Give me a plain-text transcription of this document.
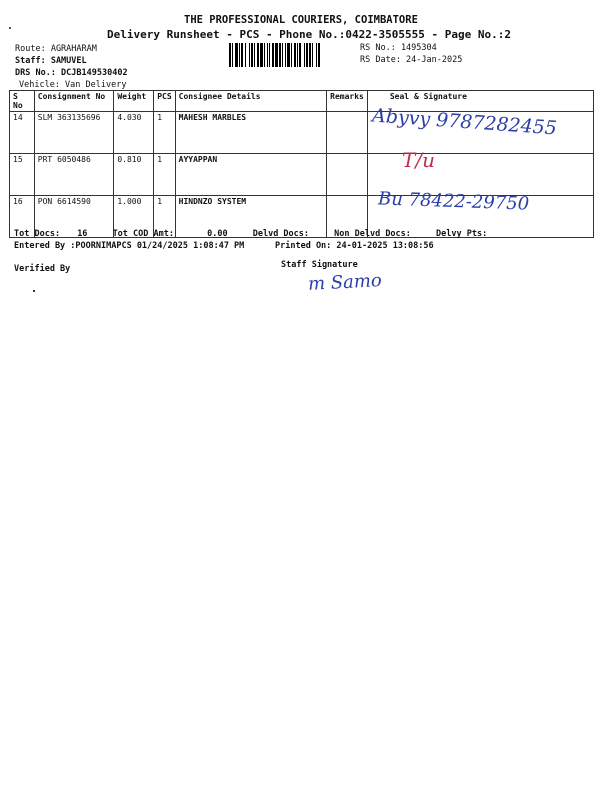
THE PROFESSIONAL COURIERS, COIMBATORE
Delivery Runsheet - PCS - Phone No.:0422-3505555 - Page No.:2
Route: AGRAHARAM
Staff: SAMUVEL
DRS No.: DCJB149530402
Vehicle: Van Delivery
RS No.: 1495304
RS Date: 24-Jan-2025
S No	Consignment No	Weight	PCS	Consignee Details	Remarks	Seal & Signature
14	SLM 363135696	4.030	1	MAHESH MARBLES		
15	PRT 6050486	0.810	1	AYYAPPAN		
16	PON 6614590	1.000	1	HINDNZO SYSTEM		
Abyvy 9787282455
T/u
Bu 78422-29750
Tot Docs: 16	Tot COD Amt:	0.00	Delvd Docs:	Non Delvd Docs:	Delvy Pts:
Entered By :POORNIMAPCS 01/24/2025 1:08:47 PM	Printed On: 24-01-2025 13:08:56
Verified By	Staff Signature
m Samo
